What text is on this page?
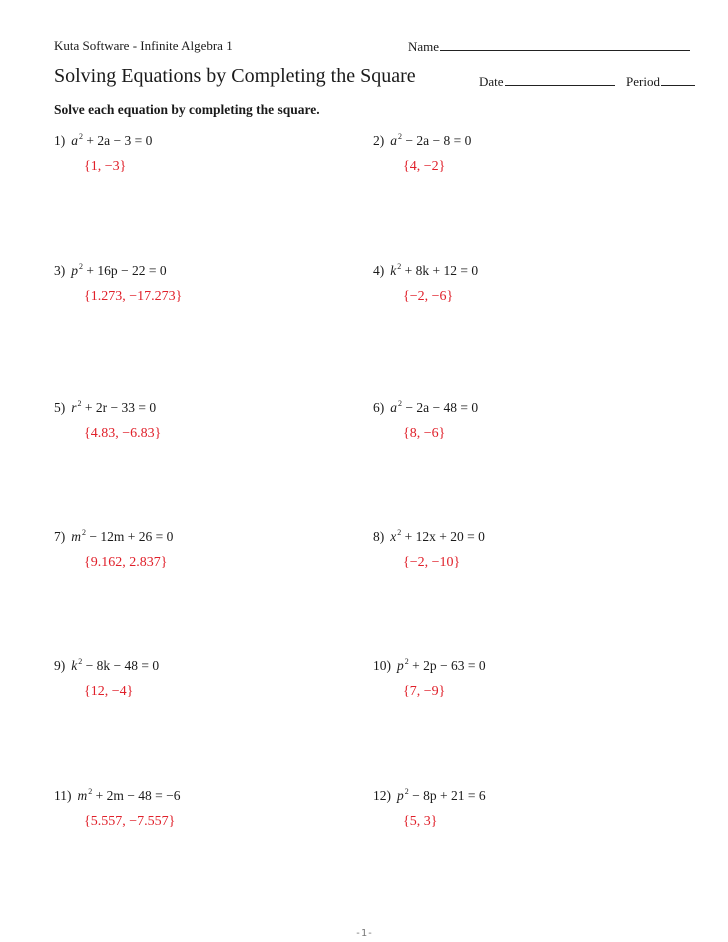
Kuta Software - Infinite Algebra 1	Name
Solving Equations by Completing the Square	Date	Period
Solve each equation by completing the square.
1) $a^2 + 2a - 3 = 0$
{1, −3}
2) $a^2 - 2a - 8 = 0$
{4, −2}
3) $p^2 + 16p - 22 = 0$
{1.273, −17.273}
4) $k^2 + 8k + 12 = 0$
{−2, −6}
5) $r^2 + 2r - 33 = 0$
{4.83, −6.83}
6) $a^2 - 2a - 48 = 0$
{8, −6}
7) $m^2 - 12m + 26 = 0$
{9.162, 2.837}
8) $x^2 + 12x + 20 = 0$
{−2, −10}
9) $k^2 - 8k - 48 = 0$
{12, −4}
10) $p^2 + 2p - 63 = 0$
{7, −9}
11) $m^2 + 2m - 48 = -6$
{5.557, −7.557}
12) $p^2 - 8p + 21 = 6$
{5, 3}
-1-
